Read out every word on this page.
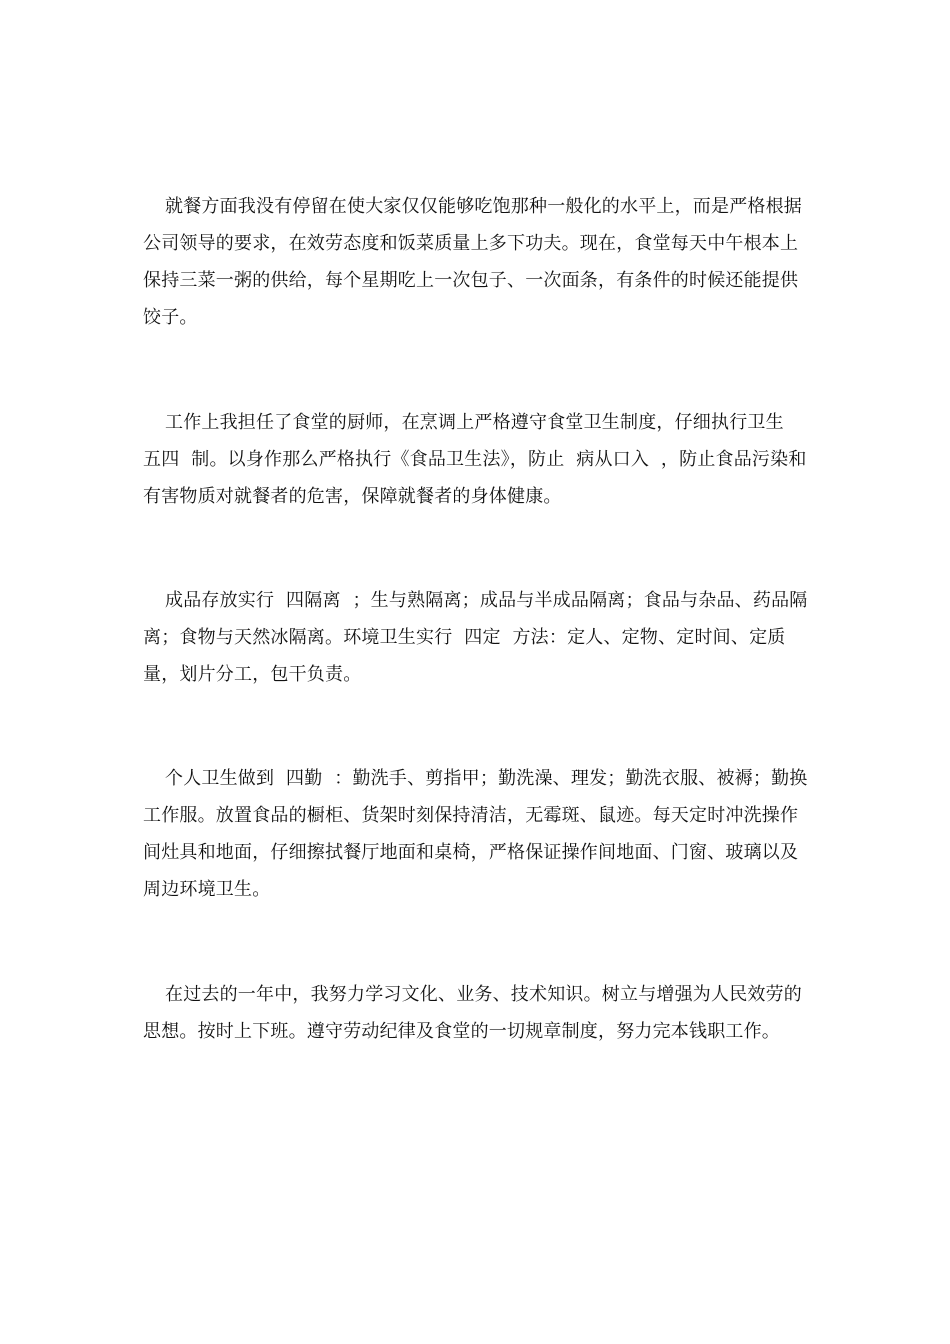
就餐方面我没有停留在使大家仅仅能够吃饱那种一般化的水平上，而是严格根据公司领导的要求，在效劳态度和饭菜质量上多下功夫。现在，食堂每天中午根本上保持三菜一粥的供给，每个星期吃上一次包子、一次面条，有条件的时候还能提供饺子。

工作上我担任了食堂的厨师，在烹调上严格遵守食堂卫生制度，仔细执行卫生  五四  制。以身作那么严格执行《食品卫生法》，防止  病从口入  ，防止食品污染和有害物质对就餐者的危害，保障就餐者的身体健康。

成品存放实行  四隔离  ；生与熟隔离；成品与半成品隔离；食品与杂品、药品隔离；食物与天然冰隔离。环境卫生实行  四定  方法：定人、定物、定时间、定质量，划片分工，包干负责。

个人卫生做到  四勤  ：勤洗手、剪指甲；勤洗澡、理发；勤洗衣服、被褥；勤换工作服。放置食品的橱柜、货架时刻保持清洁，无霉斑、鼠迹。每天定时冲洗操作间灶具和地面，仔细擦拭餐厅地面和桌椅，严格保证操作间地面、门窗、玻璃以及周边环境卫生。

在过去的一年中，我努力学习文化、业务、技术知识。树立与增强为人民效劳的思想。按时上下班。遵守劳动纪律及食堂的一切规章制度，努力完本钱职工作。
